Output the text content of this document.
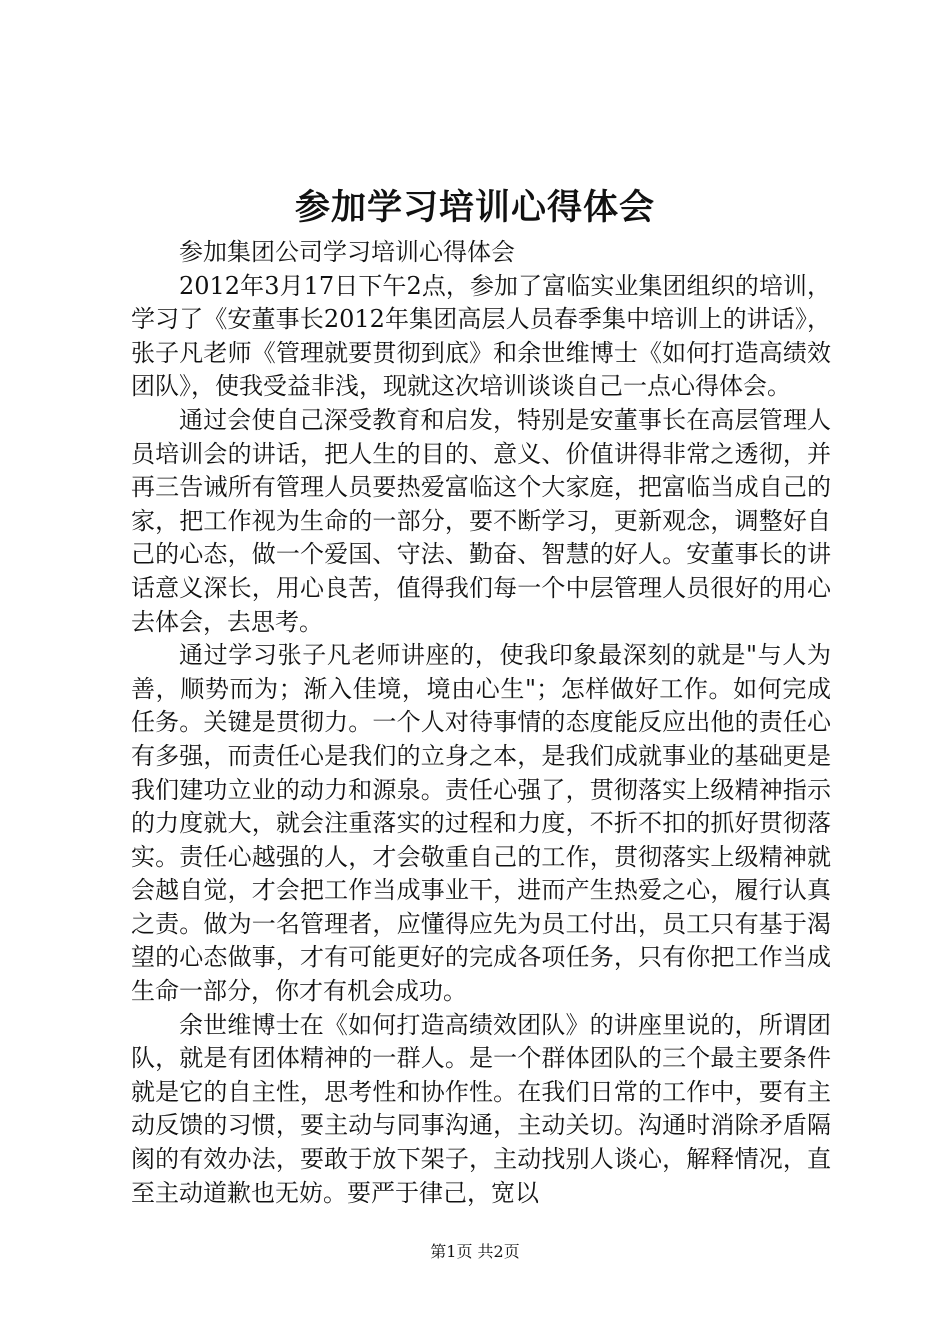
参加学习培训心得体会

参加集团公司学习培训心得体会

2012年3月17日下午2点，参加了富临实业集团组织的培训，学习了《安董事长2012年集团高层人员春季集中培训上的讲话》，张子凡老师《管理就要贯彻到底》和余世维博士《如何打造高绩效团队》，使我受益非浅，现就这次培训谈谈自己一点心得体会。

通过会使自己深受教育和启发，特别是安董事长在高层管理人员培训会的讲话，把人生的目的、意义、价值讲得非常之透彻，并再三告诫所有管理人员要热爱富临这个大家庭，把富临当成自己的家，把工作视为生命的一部分，要不断学习，更新观念，调整好自己的心态，做一个爱国、守法、勤奋、智慧的好人。安董事长的讲话意义深长，用心良苦，值得我们每一个中层管理人员很好的用心去体会，去思考。

通过学习张子凡老师讲座的，使我印象最深刻的就是"与人为善，顺势而为；渐入佳境，境由心生"；怎样做好工作。如何完成任务。关键是贯彻力。一个人对待事情的态度能反应出他的责任心有多强，而责任心是我们的立身之本，是我们成就事业的基础更是我们建功立业的动力和源泉。责任心强了，贯彻落实上级精神指示的力度就大，就会注重落实的过程和力度，不折不扣的抓好贯彻落实。责任心越强的人，才会敬重自己的工作，贯彻落实上级精神就会越自觉，才会把工作当成事业干，进而产生热爱之心，履行认真之责。做为一名管理者，应懂得应先为员工付出，员工只有基于渴望的心态做事，才有可能更好的完成各项任务，只有你把工作当成生命一部分，你才有机会成功。

余世维博士在《如何打造高绩效团队》的讲座里说的，所谓团队，就是有团体精神的一群人。是一个群体团队的三个最主要条件就是它的自主性，思考性和协作性。在我们日常的工作中，要有主动反馈的习惯，要主动与同事沟通，主动关切。沟通时消除矛盾隔阂的有效办法，要敢于放下架子，主动找别人谈心，解释情况，直至主动道歉也无妨。要严于律己，宽以

第1页 共2页
